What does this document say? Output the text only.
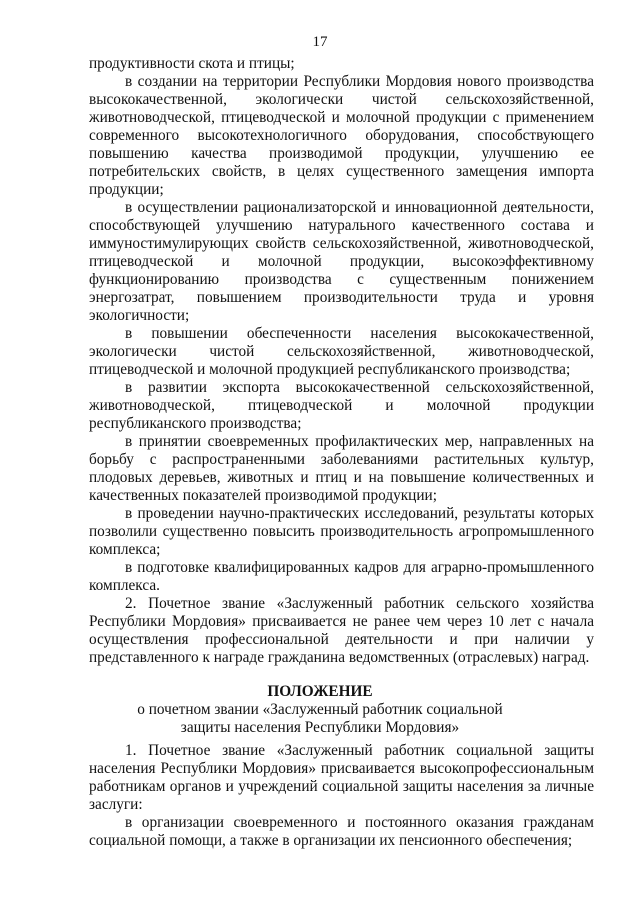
17

продуктивности скота и птицы;

в создании на территории Республики Мордовия нового производства высококачественной, экологически чистой сельскохозяйственной, животноводческой, птицеводческой и молочной продукции с применением современного высокотехнологичного оборудования, способствующего повышению качества производимой продукции, улучшению ее потребительских свойств, в целях существенного замещения импорта продукции;

в осуществлении рационализаторской и инновационной деятельности, способствующей улучшению натурального качественного состава и иммуностимулирующих свойств сельскохозяйственной, животноводческой, птицеводческой и молочной продукции, высокоэффективному функционированию производства с существенным понижением энергозатрат, повышением производительности труда и уровня экологичности;

в повышении обеспеченности населения высококачественной, экологически чистой сельскохозяйственной, животноводческой, птицеводческой и молочной продукцией республиканского производства;

в развитии экспорта высококачественной сельскохозяйственной, животноводческой, птицеводческой и молочной продукции республиканского производства;

в принятии своевременных профилактических мер, направленных на борьбу с распространенными заболеваниями растительных культур, плодовых деревьев, животных и птиц и на повышение количественных и качественных показателей производимой продукции;

в проведении научно-практических исследований, результаты которых позволили существенно повысить производительность агропромышленного комплекса;

в подготовке квалифицированных кадров для аграрно-промышленного комплекса.

2. Почетное звание «Заслуженный работник сельского хозяйства Республики Мордовия» присваивается не ранее чем через 10 лет с начала осуществления профессиональной деятельности и при наличии у представленного к награде гражданина ведомственных (отраслевых) наград.

ПОЛОЖЕНИЕ
о почетном звании «Заслуженный работник социальной
защиты населения Республики Мордовия»

1. Почетное звание «Заслуженный работник социальной защиты населения Республики Мордовия» присваивается высокопрофессиональным работникам органов и учреждений социальной защиты населения за личные заслуги:

в организации своевременного и постоянного оказания гражданам социальной помощи, а также в организации их пенсионного обеспечения;
